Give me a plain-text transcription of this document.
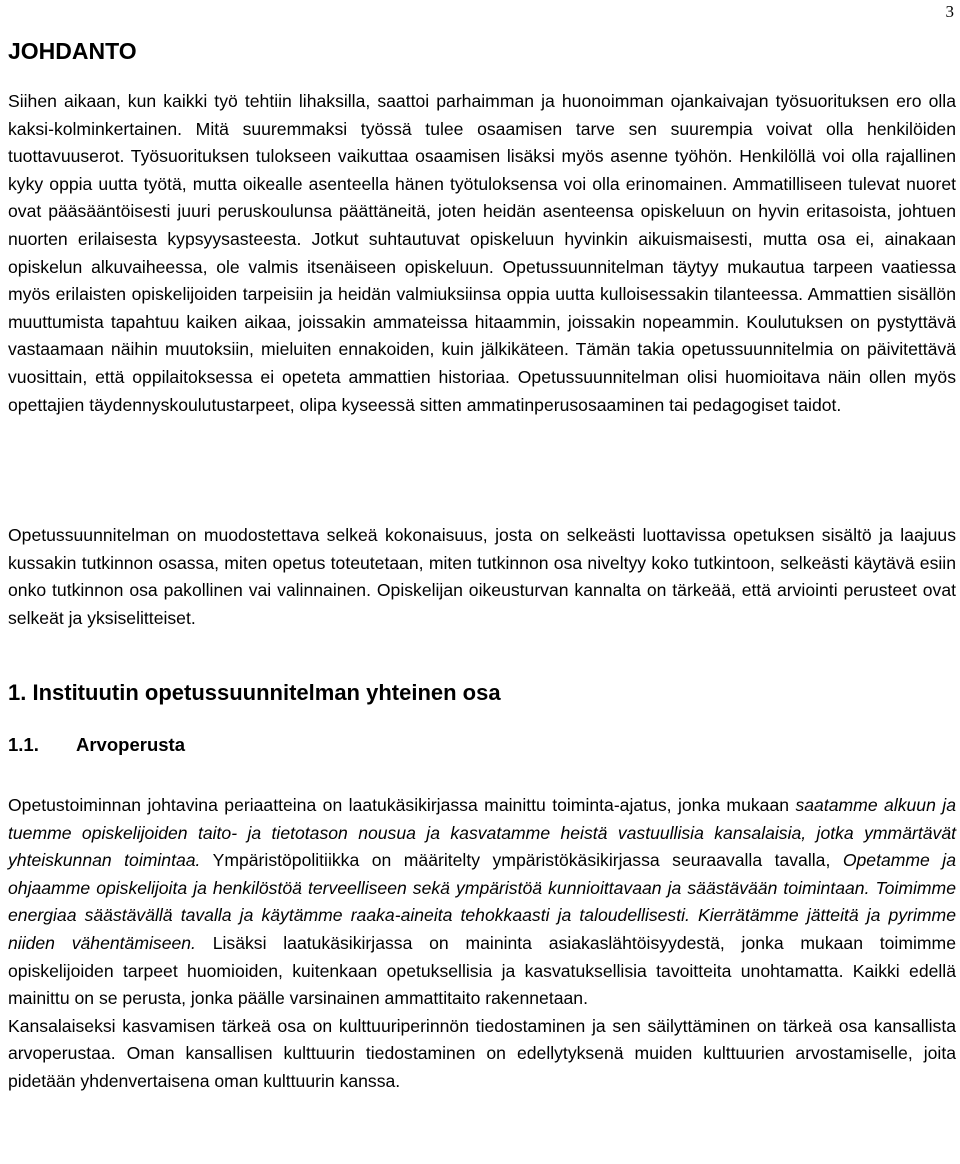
3
JOHDANTO

Siihen aikaan, kun kaikki työ tehtiin lihaksilla, saattoi parhaimman ja huonoimman ojankaivajan työsuorituksen ero olla kaksi-kolminkertainen. Mitä suuremmaksi työssä tulee osaamisen tarve sen suurempia voivat olla henkilöiden tuottavuuserot. Työsuorituksen tulokseen vaikuttaa osaamisen lisäksi myös asenne työhön. Henkilöllä voi olla rajallinen kyky oppia uutta työtä, mutta oikealle asenteella hänen työtuloksensa voi olla erinomainen. Ammatilliseen tulevat nuoret ovat pääsääntöisesti juuri peruskoulunsa päättäneitä, joten heidän asenteensa opiskeluun on hyvin eritasoista, johtuen nuorten erilaisesta kypsyysasteesta. Jotkut suhtautuvat opiskeluun hyvinkin aikuismaisesti, mutta osa ei, ainakaan opiskelun alkuvaiheessa, ole valmis itsenäiseen opiskeluun. Opetussuunnitelman täytyy mukautua tarpeen vaatiessa myös erilaisten opiskelijoiden tarpeisiin ja heidän valmiuksiinsa oppia uutta kulloisessakin tilanteessa. Ammattien sisällön muuttumista tapahtuu kaiken aikaa, joissakin ammateissa hitaammin, joissakin nopeammin. Koulutuksen on pystyttävä vastaamaan näihin muutoksiin, mieluiten ennakoiden, kuin jälkikäteen. Tämän takia opetussuunnitelmia on päivitettävä vuosittain, että oppilaitoksessa ei opeteta ammattien historiaa. Opetussuunnitelman olisi huomioitava näin ollen myös opettajien täydennyskoulutustarpeet, olipa kyseessä sitten ammatinperusosaaminen tai pedagogiset taidot.

Opetussuunnitelman on muodostettava selkeä kokonaisuus, josta on selkeästi luottavissa opetuksen sisältö ja laajuus kussakin tutkinnon osassa, miten opetus toteutetaan, miten tutkinnon osa niveltyy koko tutkintoon, selkeästi käytävä esiin onko tutkinnon osa pakollinen vai valinnainen. Opiskelijan oikeusturvan kannalta on tärkeää, että arviointi perusteet ovat selkeät ja yksiselitteiset.

1. Instituutin opetussuunnitelman yhteinen osa
1.1. Arvoperusta

Opetustoiminnan johtavina periaatteina on laatukäsikirjassa mainittu toiminta-ajatus, jonka mukaan saatamme alkuun ja tuemme opiskelijoiden taito- ja tietotason nousua ja kasvatamme heistä vastuullisia kansalaisia, jotka ymmärtävät yhteiskunnan toimintaa. Ympäristöpolitiikka on määritelty ympäristökäsikirjassa seuraavalla tavalla, Opetamme ja ohjaamme opiskelijoita ja henkilöstöä terveelliseen sekä ympäristöä kunnioittavaan ja säästävään toimintaan. Toimimme energiaa säästävällä tavalla ja käytämme raaka-aineita tehokkaasti ja taloudellisesti. Kierrätämme jätteitä ja pyrimme niiden vähentämiseen. Lisäksi laatukäsikirjassa on maininta asiakaslähtöisyydestä, jonka mukaan toimimme opiskelijoiden tarpeet huomioiden, kuitenkaan opetuksellisia ja kasvatuksellisia tavoitteita unohtamatta. Kaikki edellä mainittu on se perusta, jonka päälle varsinainen ammattitaito rakennetaan.

Kansalaiseksi kasvamisen tärkeä osa on kulttuuriperinnön tiedostaminen ja sen säilyttäminen on tärkeä osa kansallista arvoperustaa. Oman kansallisen kulttuurin tiedostaminen on edellytyksenä muiden kulttuurien arvostamiselle, joita pidetään yhdenvertaisena oman kulttuurin kanssa.
